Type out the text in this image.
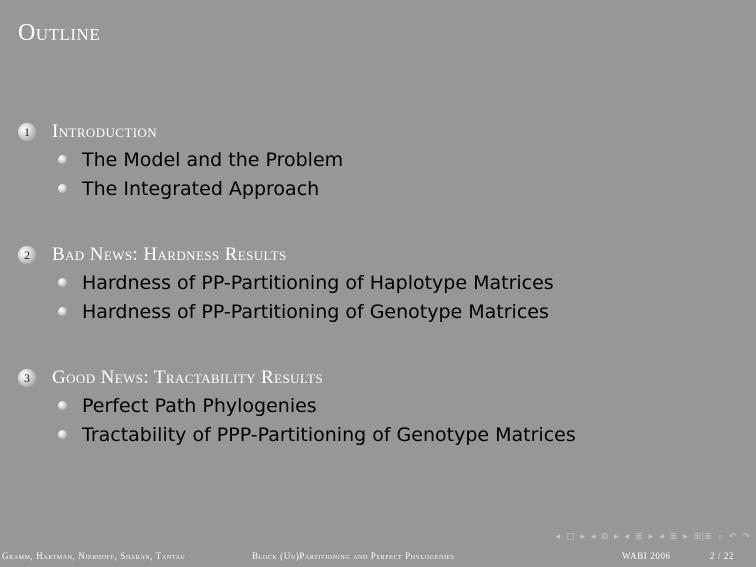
Outline
1	Introduction
The Model and the Problem
The Integrated Approach
2	Bad News: Hardness Results
Hardness of PP-Partitioning of Haplotype Matrices
Hardness of PP-Partitioning of Genotype Matrices
3	Good News: Tractability Results
Perfect Path Phylogenies
Tractability of PPP-Partitioning of Genotype Matrices
◂ □ ▸ ◂ ⧉ ▸ ◂ ≣ ▸ ◂ ≣ ▸ ≣|≣ ⌕ ↶ ↷
Gramm, Hartman, Nierhoff, Sharan, Tantau	Block (Un)Partitioning and Perfect Phylogenies	WABI 2006	2 / 22
